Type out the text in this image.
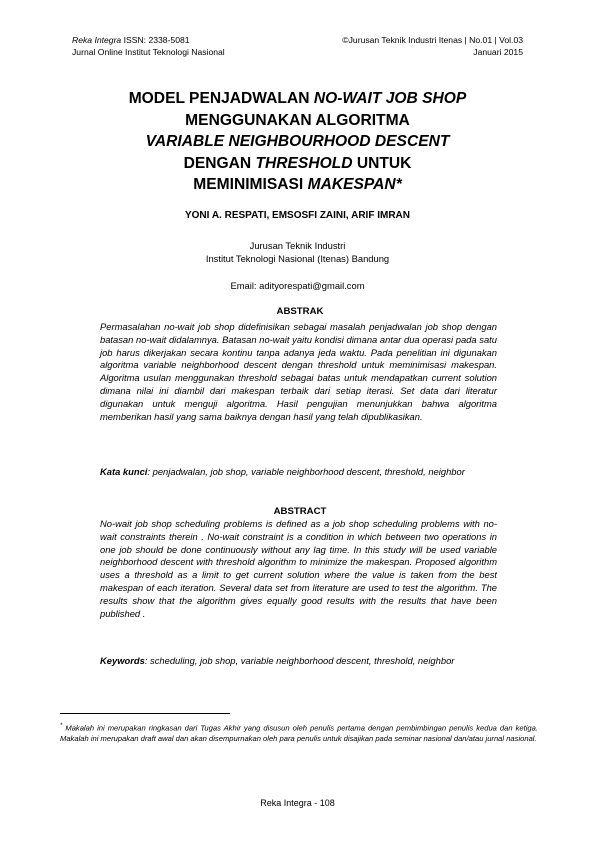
Reka Integra ISSN: 2338-5081
Jurnal Online Institut Teknologi Nasional
©Jurusan Teknik Industri Itenas | No.01 | Vol.03
Januari 2015
MODEL PENJADWALAN NO-WAIT JOB SHOP
MENGGUNAKAN ALGORITMA
VARIABLE NEIGHBOURHOOD DESCENT
DENGAN THRESHOLD UNTUK
MEMINIMISASI MAKESPAN*
YONI A. RESPATI, EMSOSFI ZAINI, ARIF IMRAN
Jurusan Teknik Industri
Institut Teknologi Nasional (Itenas) Bandung
Email: adityorespati@gmail.com
ABSTRAK
Permasalahan no-wait job shop didefinisikan sebagai masalah penjadwalan job shop dengan batasan no-wait didalamnya. Batasan no-wait yaitu kondisi dimana antar dua operasi pada satu job harus dikerjakan secara kontinu tanpa adanya jeda waktu. Pada penelitian ini digunakan algoritma variable neighborhood descent dengan threshold untuk meminimisasi makespan. Algoritma usulan menggunakan threshold sebagai batas untuk mendapatkan current solution dimana nilai ini diambil dari makespan terbaik dari setiap iterasi. Set data dari literatur digunakan untuk menguji algoritma. Hasil pengujian menunjukkan bahwa algoritma memberikan hasil yang sama baiknya dengan hasil yang telah dipublikasikan.
Kata kunci: penjadwalan, job shop, variable neighborhood descent, threshold, neighbor
ABSTRACT
No-wait job shop scheduling problems is defined as a job shop scheduling problems with no-wait constraints therein . No-wait constraint is a condition in which between two operations in one job should be done continuously without any lag time. In this study will be used variable neighborhood descent with threshold algorithm to minimize the makespan. Proposed algorithm uses a threshold as a limit to get current solution where the value is taken from the best makespan of each iteration. Several data set from literature are used to test the algorithm. The results show that the algorithm gives equally good results with the results that have been published .
Keywords: scheduling, job shop, variable neighborhood descent, threshold, neighbor
* Makalah ini merupakan ringkasan dari Tugas Akhir yang disusun oleh penulis pertama dengan pembimbingan penulis kedua dan ketiga. Makalah ini merupakan draft awal dan akan disempurnakan oleh para penulis untuk disajikan pada seminar nasional dan/atau jurnal nasional.
Reka Integra - 108
